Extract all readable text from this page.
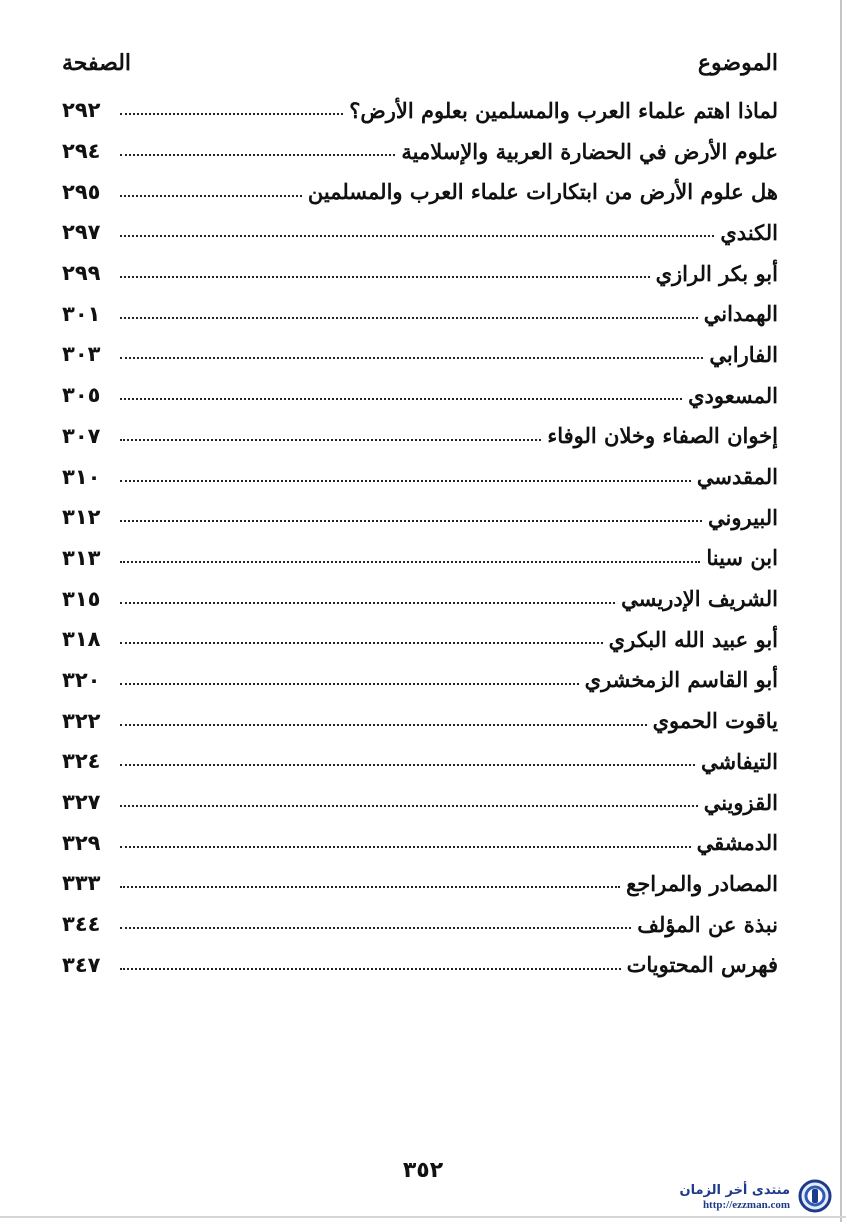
الموضوع
الصفحة
لماذا اهتم علماء العرب والمسلمين بعلوم الأرض؟
٢٩٢
علوم الأرض في الحضارة العربية والإسلامية
٢٩٤
هل علوم الأرض من ابتكارات علماء العرب والمسلمين
٢٩٥
الكندي
٢٩٧
أبو بكر الرازي
٢٩٩
الهمداني
٣٠١
الفارابي
٣٠٣
المسعودي
٣٠٥
إخوان الصفاء وخلان الوفاء
٣٠٧
المقدسي
٣١٠
البيروني
٣١٢
ابن سينا
٣١٣
الشريف الإدريسي
٣١٥
أبو عبيد الله البكري
٣١٨
أبو القاسم الزمخشري
٣٢٠
ياقوت الحموي
٣٢٢
التيفاشي
٣٢٤
القزويني
٣٢٧
الدمشقي
٣٢٩
المصادر والمراجع
٣٣٣
نبذة عن المؤلف
٣٤٤
فهرس المحتويات
٣٤٧
٣٥٢
منتدى أخر الزمان
http://ezzman.com
